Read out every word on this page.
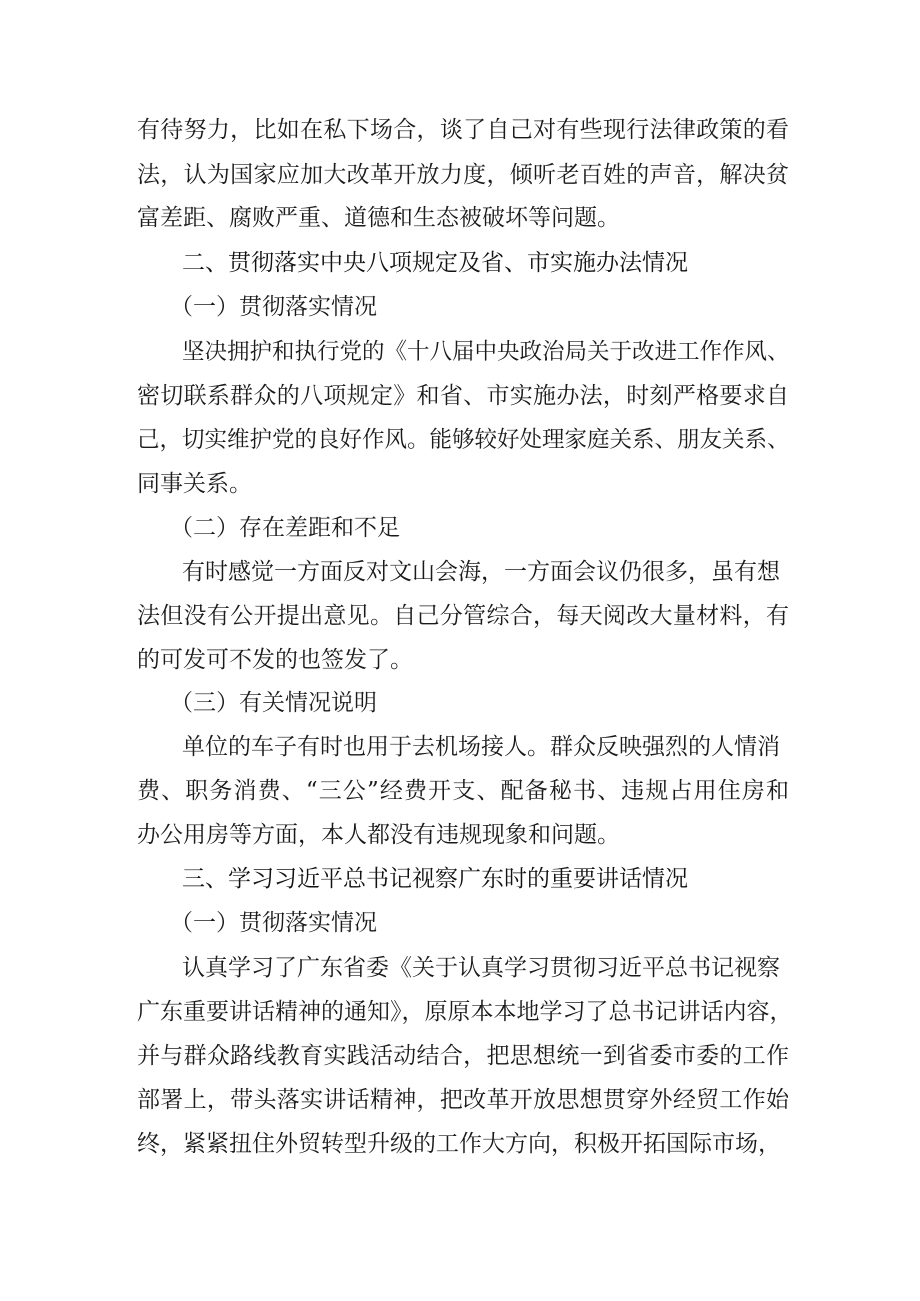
有待努力，比如在私下场合，谈了自己对有些现行法律政策的看
法，认为国家应加大改革开放力度，倾听老百姓的声音，解决贫
富差距、腐败严重、道德和生态被破坏等问题。
二、贯彻落实中央八项规定及省、市实施办法情况
（一）贯彻落实情况
坚决拥护和执行党的《十八届中央政治局关于改进工作作风、
密切联系群众的八项规定》和省、市实施办法，时刻严格要求自
己，切实维护党的良好作风。能够较好处理家庭关系、朋友关系、
同事关系。
（二）存在差距和不足
有时感觉一方面反对文山会海，一方面会议仍很多，虽有想
法但没有公开提出意见。自己分管综合，每天阅改大量材料，有
的可发可不发的也签发了。
（三）有关情况说明
单位的车子有时也用于去机场接人。群众反映强烈的人情消
费、职务消费、“三公”经费开支、配备秘书、违规占用住房和
办公用房等方面，本人都没有违规现象和问题。
三、学习习近平总书记视察广东时的重要讲话情况
（一）贯彻落实情况
认真学习了广东省委《关于认真学习贯彻习近平总书记视察
广东重要讲话精神的通知》，原原本本地学习了总书记讲话内容，
并与群众路线教育实践活动结合，把思想统一到省委市委的工作
部署上，带头落实讲话精神，把改革开放思想贯穿外经贸工作始
终，紧紧扭住外贸转型升级的工作大方向，积极开拓国际市场，
